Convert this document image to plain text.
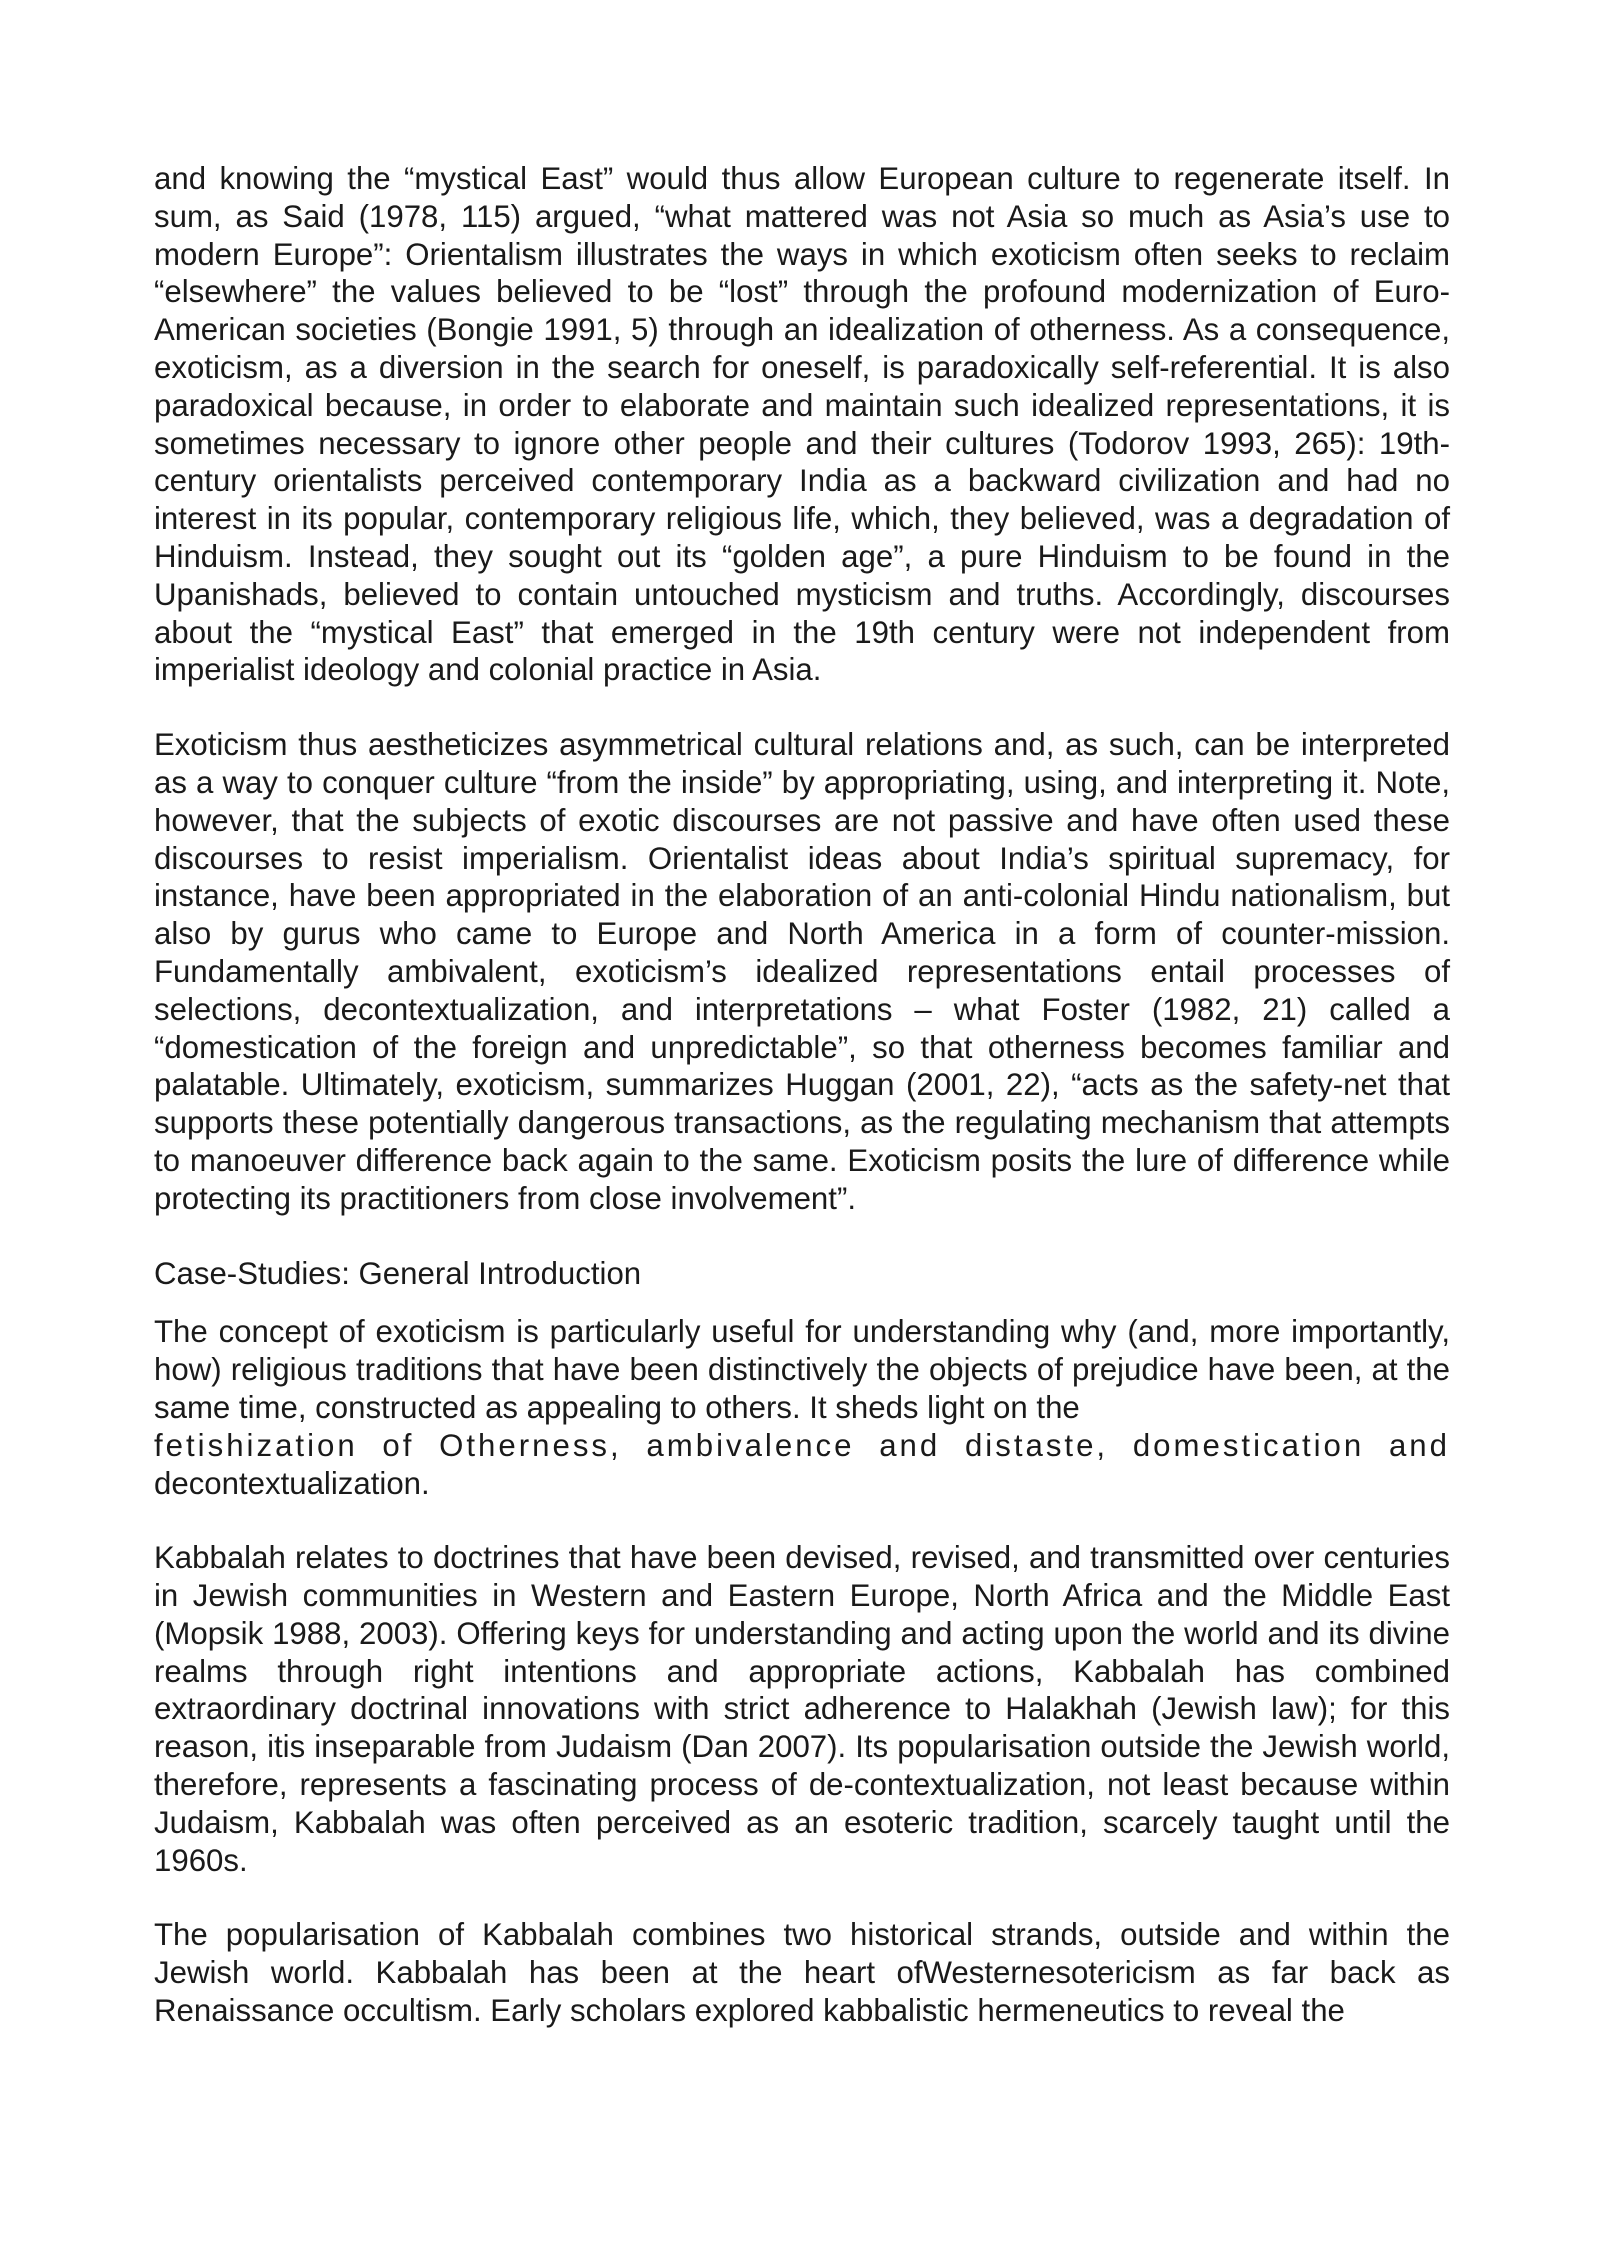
and knowing the “mystical East” would thus allow European culture to regenerate itself. In sum, as Said (1978, 115) argued, “what mattered was not Asia so much as Asia’s use to modern Europe”: Orientalism illustrates the ways in which exoticism often seeks to reclaim “elsewhere” the values believed to be “lost” through the profound modernization of Euro-American societies (Bongie 1991, 5) through an idealization of otherness. As a consequence, exoticism, as a diversion in the search for oneself, is paradoxically self-referential. It is also paradoxical because, in order to elaborate and maintain such idealized representations, it is sometimes necessary to ignore other people and their cultures (Todorov 1993, 265): 19th-century orientalists perceived contemporary India as a backward civilization and had no interest in its popular, contemporary religious life, which, they believed, was a degradation of Hinduism. Instead, they sought out its “golden age”, a pure Hinduism to be found in the Upanishads, believed to contain untouched mysticism and truths. Accordingly, discourses about the “mystical East” that emerged in the 19th century were not independent from imperialist ideology and colonial practice in Asia.

Exoticism thus aestheticizes asymmetrical cultural relations and, as such, can be interpreted as a way to conquer culture “from the inside” by appropriating, using, and interpreting it. Note, however, that the subjects of exotic discourses are not passive and have often used these discourses to resist imperialism. Orientalist ideas about India’s spiritual supremacy, for instance, have been appropriated in the elaboration of an anti-colonial Hindu nationalism, but also by gurus who came to Europe and North America in a form of counter-mission. Fundamentally ambivalent, exoticism’s idealized representations entail processes of selections, decontextualization, and interpretations – what Foster (1982, 21) called a “domestication of the foreign and unpredictable”, so that otherness becomes familiar and palatable. Ultimately, exoticism, summarizes Huggan (2001, 22), “acts as the safety-net that supports these potentially dangerous transactions, as the regulating mechanism that attempts to manoeuver difference back again to the same. Exoticism posits the lure of difference while protecting its practitioners from close involvement”.

Case-Studies: General Introduction

The concept of exoticism is particularly useful for understanding why (and, more importantly, how) religious traditions that have been distinctively the objects of prejudice have been, at the same time, constructed as appealing to others. It sheds light on the

fetishization of Otherness, ambivalence and distaste, domestication and

decontextualization.

Kabbalah relates to doctrines that have been devised, revised, and transmitted over centuries in Jewish communities in Western and Eastern Europe, North Africa and the Middle East (Mopsik 1988, 2003). Offering keys for understanding and acting upon the world and its divine realms through right intentions and appropriate actions, Kabbalah has combined extraordinary doctrinal innovations with strict adherence to Halakhah (Jewish law); for this reason, itis inseparable from Judaism (Dan 2007). Its popularisation outside the Jewish world, therefore, represents a fascinating process of de-contextualization, not least because within Judaism, Kabbalah was often perceived as an esoteric tradition, scarcely taught until the 1960s.

The popularisation of Kabbalah combines two historical strands, outside and within the Jewish world. Kabbalah has been at the heart ofWesternesotericism as far back as Renaissance occultism. Early scholars explored kabbalistic hermeneutics to reveal the
